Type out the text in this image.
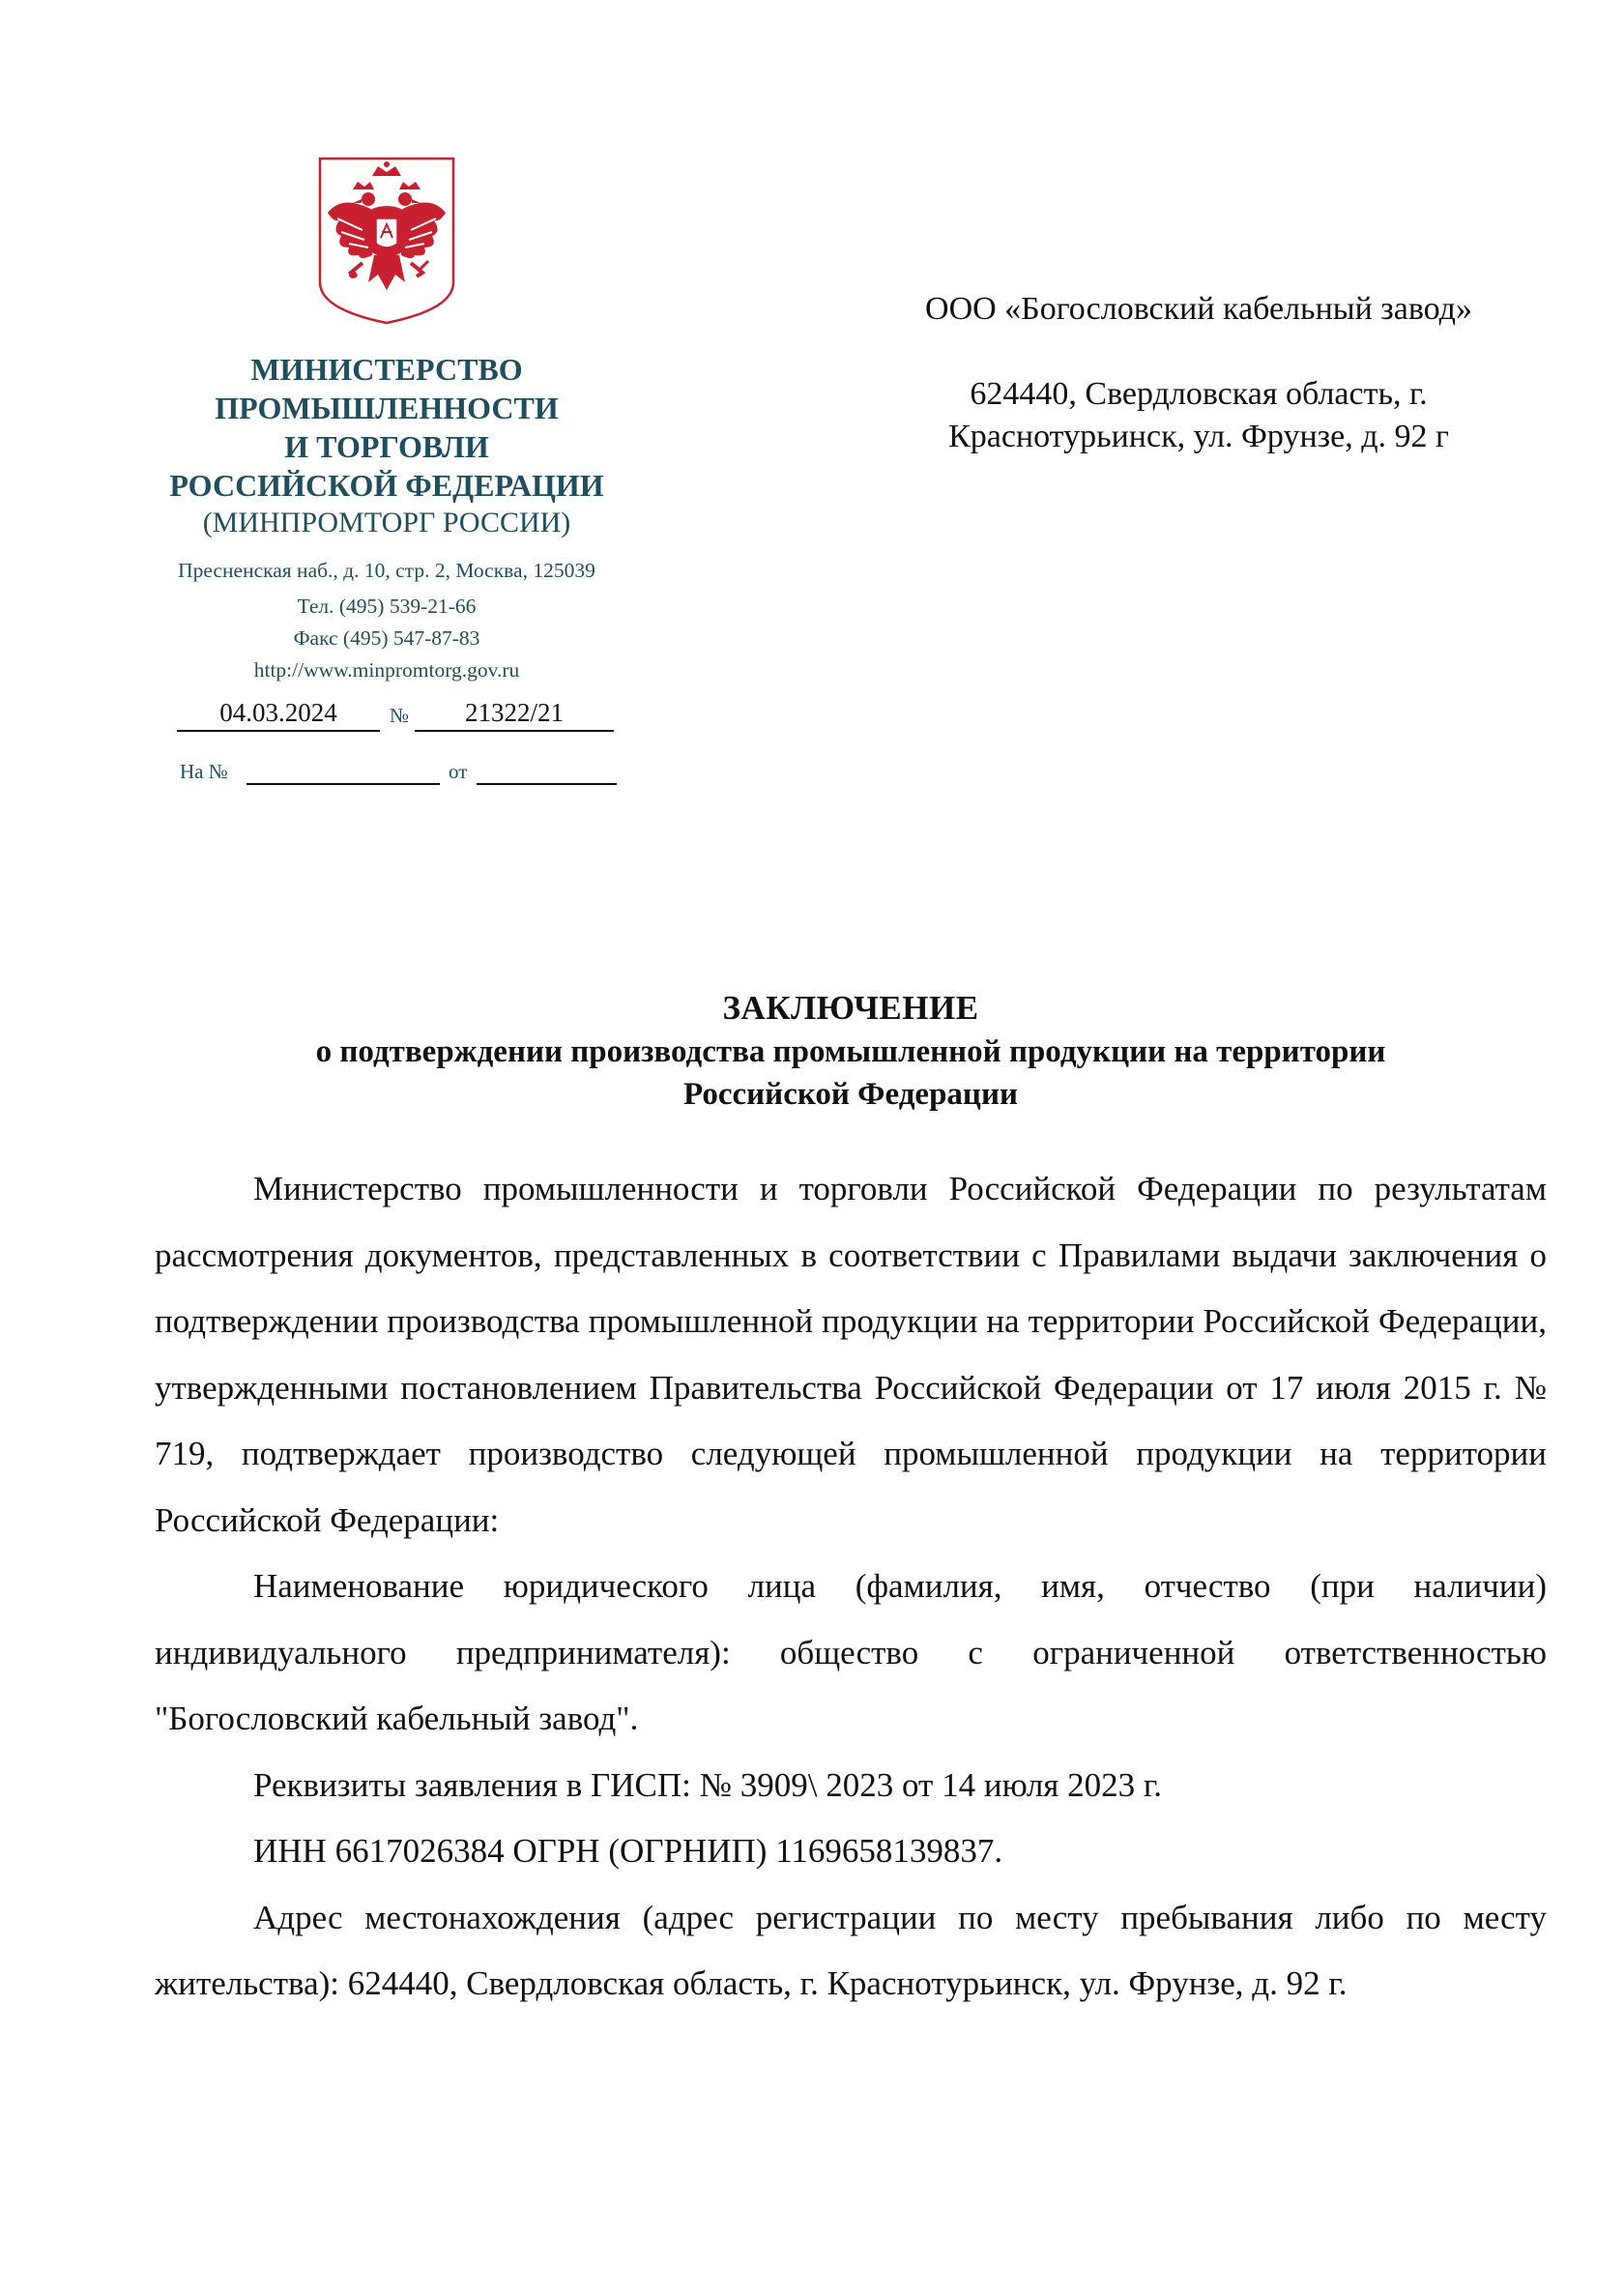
МИНИСТЕРСТВО
ПРОМЫШЛЕННОСТИ
И ТОРГОВЛИ
РОССИЙСКОЙ ФЕДЕРАЦИИ
(МИНПРОМТОРГ РОССИИ)
Пресненская наб., д. 10, стр. 2, Москва, 125039
Тел. (495) 539-21-66
Факс (495) 547-87-83
http://www.minpromtorg.gov.ru
04.03.2024	№	21322/21
На №	от
ООО «Богословский кабельный завод»
624440, Свердловская область, г.
Краснотурьинск, ул. Фрунзе, д. 92 г
ЗАКЛЮЧЕНИЕ
о подтверждении производства промышленной продукции на территории
Российской Федерации

Министерство промышленности и торговли Российской Федерации по результатам рассмотрения документов, представленных в соответствии с Правилами выдачи заключения о подтверждении производства промышленной продукции на территории Российской Федерации, утвержденными постановлением Правительства Российской Федерации от 17 июля 2015 г. № 719, подтверждает производство следующей промышленной продукции на территории Российской Федерации:

Наименование юридического лица (фамилия, имя, отчество (при наличии) индивидуального предпринимателя): общество с ограниченной ответственностью "Богословский кабельный завод".

Реквизиты заявления в ГИСП: № 3909\ 2023 от 14 июля 2023 г.

ИНН 6617026384 ОГРН (ОГРНИП) 1169658139837.

Адрес местонахождения (адрес регистрации по месту пребывания либо по месту жительства): 624440, Свердловская область, г. Краснотурьинск, ул. Фрунзе, д. 92 г.
